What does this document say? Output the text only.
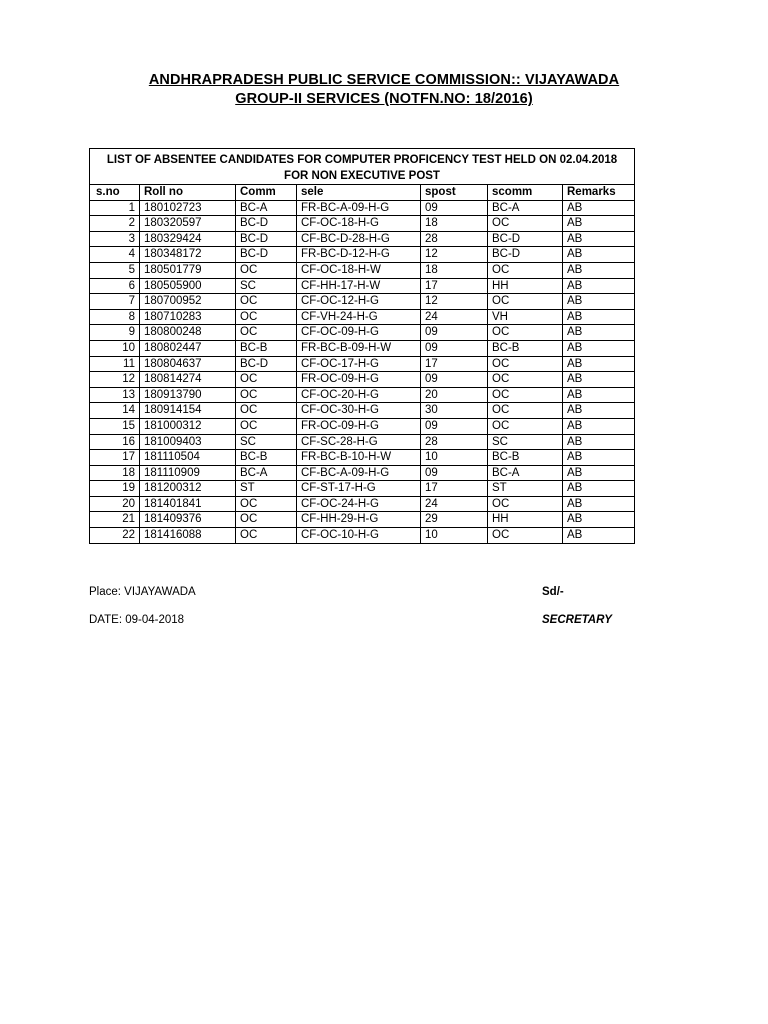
ANDHRAPRADESH PUBLIC SERVICE COMMISSION:: VIJAYAWADA
GROUP-II SERVICES (NOTFN.NO: 18/2016)
LIST OF ABSENTEE CANDIDATES FOR COMPUTER PROFICENCY TEST HELD ON 02.04.2018
FOR NON EXECUTIVE POST						

s.no	Roll no	Comm	sele	spost	scomm	Remarks
1	180102723	BC-A	FR-BC-A-09-H-G	09	BC-A	AB
2	180320597	BC-D	CF-OC-18-H-G	18	OC	AB
3	180329424	BC-D	CF-BC-D-28-H-G	28	BC-D	AB
4	180348172	BC-D	FR-BC-D-12-H-G	12	BC-D	AB
5	180501779	OC	CF-OC-18-H-W	18	OC	AB
6	180505900	SC	CF-HH-17-H-W	17	HH	AB
7	180700952	OC	CF-OC-12-H-G	12	OC	AB
8	180710283	OC	CF-VH-24-H-G	24	VH	AB
9	180800248	OC	CF-OC-09-H-G	09	OC	AB
10	180802447	BC-B	FR-BC-B-09-H-W	09	BC-B	AB
11	180804637	BC-D	CF-OC-17-H-G	17	OC	AB
12	180814274	OC	FR-OC-09-H-G	09	OC	AB
13	180913790	OC	CF-OC-20-H-G	20	OC	AB
14	180914154	OC	CF-OC-30-H-G	30	OC	AB
15	181000312	OC	FR-OC-09-H-G	09	OC	AB
16	181009403	SC	CF-SC-28-H-G	28	SC	AB
17	181110504	BC-B	FR-BC-B-10-H-W	10	BC-B	AB
18	181110909	BC-A	CF-BC-A-09-H-G	09	BC-A	AB
19	181200312	ST	CF-ST-17-H-G	17	ST	AB
20	181401841	OC	CF-OC-24-H-G	24	OC	AB
21	181409376	OC	CF-HH-29-H-G	29	HH	AB
22	181416088	OC	CF-OC-10-H-G	10	OC	AB
Place: VIJAYAWADA
DATE: 09-04-2018
Sd/-
SECRETARY
